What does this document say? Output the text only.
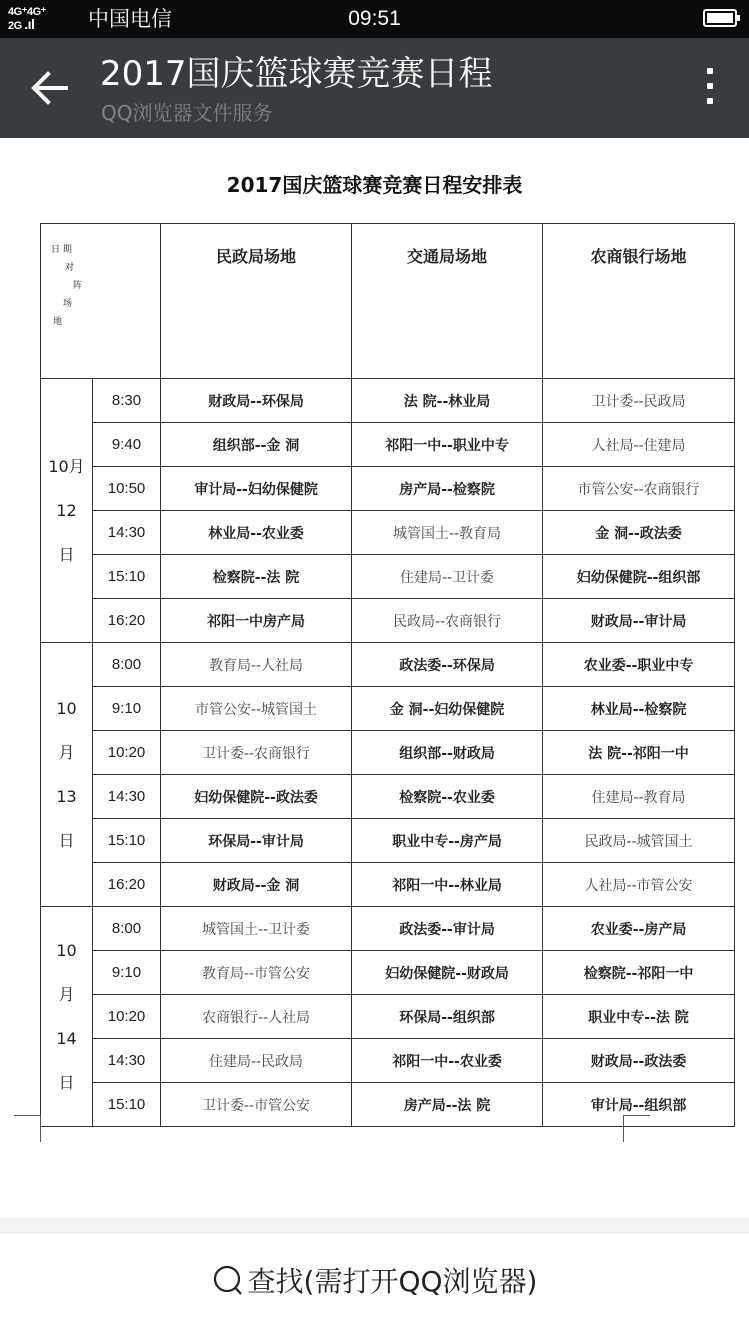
4G⁺4G⁺
2G .ıl	中国电信	09:51
2017国庆篮球赛竞赛日程
QQ浏览器文件服务
2017国庆篮球赛竞赛日程安排表
日 期
对
阵
场
地		民政局场地	交通局场地	农商银行场地

10月
12
日	8:30	财政局--环保局	法 院--林业局	卫计委--民政局
	9:40	组织部--金 洞	祁阳一中--职业中专	人社局--住建局
	10:50	审计局--妇幼保健院	房产局--检察院	市管公安--农商银行
	14:30	林业局--农业委	城管国土--教育局	金 洞--政法委
	15:10	检察院--法 院	住建局--卫计委	妇幼保健院--组织部
	16:20	祁阳一中房产局	民政局--农商银行	财政局--审计局

10
月
13
日	8:00	教育局--人社局	政法委--环保局	农业委--职业中专
	9:10	市管公安--城管国土	金 洞--妇幼保健院	林业局--检察院
	10:20	卫计委--农商银行	组织部--财政局	法 院--祁阳一中
	14:30	妇幼保健院--政法委	检察院--农业委	住建局--教育局
	15:10	环保局--审计局	职业中专--房产局	民政局--城管国土
	16:20	财政局--金 洞	祁阳一中--林业局	人社局--市管公安

10
月
14
日	8:00	城管国土--卫计委	政法委--审计局	农业委--房产局
	9:10	教育局--市管公安	妇幼保健院--财政局	检察院--祁阳一中
	10:20	农商银行--人社局	环保局--组织部	职业中专--法 院
	14:30	住建局--民政局	祁阳一中--农业委	财政局--政法委
	15:10	卫计委--市管公安	房产局--法 院	审计局--组织部
查找(需打开QQ浏览器)
